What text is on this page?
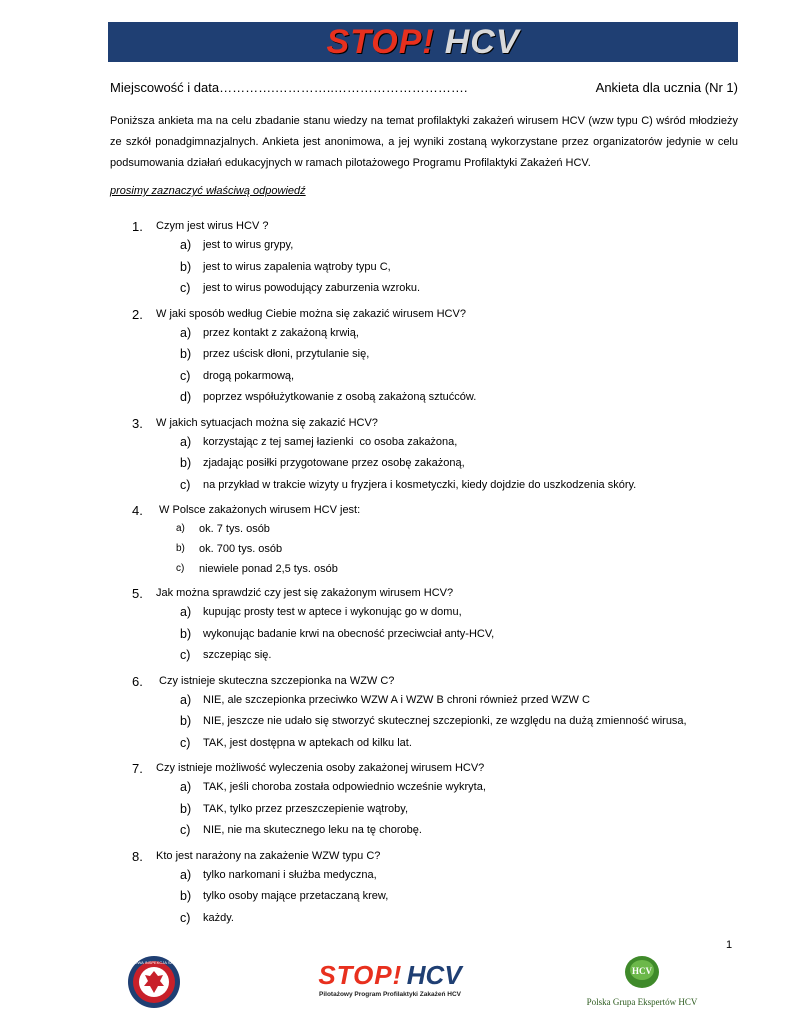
STOP! HCV
Miejscowość i data………….…………..………………………….	Ankieta dla ucznia (Nr 1)
Poniższa ankieta ma na celu zbadanie stanu wiedzy na temat profilaktyki zakażeń wirusem HCV (wzw typu C) wśród młodzieży ze szkół ponadgimnazjalnych. Ankieta jest anonimowa, a jej wyniki zostaną wykorzystane przez organizatorów jedynie w celu podsumowania działań edukacyjnych w ramach pilotażowego Programu Profilaktyki Zakażeń HCV.
prosimy zaznaczyć właściwą odpowiedź
1.	Czym jest wirus HCV ?
a)	jest to wirus grypy,
b)	jest to wirus zapalenia wątroby typu C,
c)	jest to wirus powodujący zaburzenia wzroku.
2.	W jaki sposób według Ciebie można się zakazić wirusem HCV?
a)	przez kontakt z zakażoną krwią,
b)	przez uścisk dłoni, przytulanie się,
c)	drogą pokarmową,
d)	poprzez współużytkowanie z osobą zakażoną sztućców.
3.	W jakich sytuacjach można się zakazić HCV?
a)	korzystając z tej samej łazienki  co osoba zakażona,
b)	zjadając posiłki przygotowane przez osobę zakażoną,
c)	na przykład w trakcie wizyty u fryzjera i kosmetyczki, kiedy dojdzie do uszkodzenia skóry.
4.	W Polsce zakażonych wirusem HCV jest:
a)	ok. 7 tys. osób
b)	ok. 700 tys. osób
c)	niewiele ponad 2,5 tys. osób
5.	Jak można sprawdzić czy jest się zakażonym wirusem HCV?
a)	kupując prosty test w aptece i wykonując go w domu,
b)	wykonując badanie krwi na obecność przeciwciał anty-HCV,
c)	szczepiąc się.
6.	Czy istnieje skuteczna szczepionka na WZW C?
a)	NIE, ale szczepionka przeciwko WZW A i WZW B chroni również przed WZW C
b)	NIE, jeszcze nie udało się stworzyć skutecznej szczepionki, ze względu na dużą zmienność wirusa,
c)	TAK, jest dostępna w aptekach od kilku lat.
7.	Czy istnieje możliwość wyleczenia osoby zakażonej wirusem HCV?
a)	TAK, jeśli choroba została odpowiednio wcześnie wykryta,
b)	TAK, tylko przez przeszczepienie wątroby,
c)	NIE, nie ma skutecznego leku na tę chorobę.
8.	Kto jest narażony na zakażenie WZW typu C?
a)	tylko narkomani i służba medyczna,
b)	tylko osoby mające przetaczaną krew,
c)	każdy.
1
PAŃSTWOWA INSPEKCJA SANITARNA	STOP! HCV
Pilotażowy Program Profilaktyki Zakażeń HCV
HCV
Polska Grupa Ekspertów HCV
